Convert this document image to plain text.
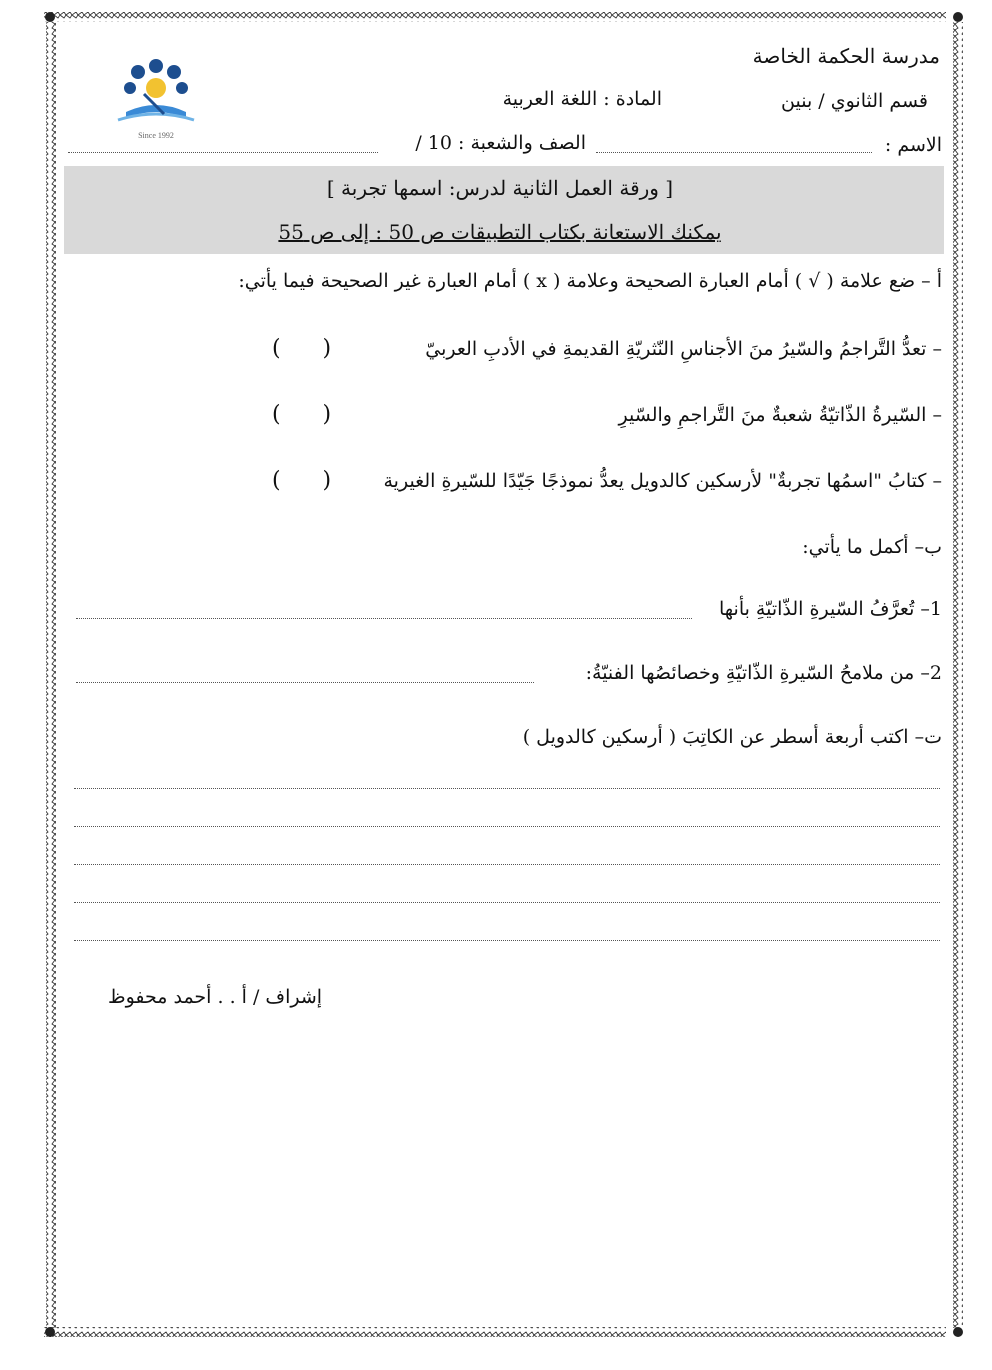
Since 1992
مدرسة الحكمة الخاصة
قسم الثانوي / بنين
المادة : اللغة العربية
الاسم :
الصف والشعبة : 10 /
[ ورقة العمل الثانية لدرس: اسمها تجربة ]
يمكنك الاستعانة بكتاب التطبيقات ص 50 : إلى ص 55
أ – ضع علامة ( √ ) أمام العبارة الصحيحة وعلامة ( x ) أمام العبارة غير الصحيحة فيما يأتي:
– تعدُّ التَّراجمُ والسّيرُ منَ الأجناسِ النّثريّةِ القديمةِ في الأدبِ العربيّ
(      )
– السّيرةُ الذّاتيّةُ شعبةٌ منَ التَّراجمِ والسّيرِ
(      )
– كتابُ "اسمُها تجربةٌ" لأرسكين كالدويل يعدُّ نموذجًا جَيّدًا للسّيرةِ الغيرية
(      )
ب– أكمل ما يأتي:
1– تُعرَّفُ السّيرةِ الذّاتيّةِ بأنها
2– من ملامحُ السّيرةِ الذّاتيّةِ وخصائصُها الفنيّةُ:
ت– اكتب أربعة أسطر عن الكاتِبَ ( أرسكين كالدويل )
إشراف / أ . . أحمد محفوظ
